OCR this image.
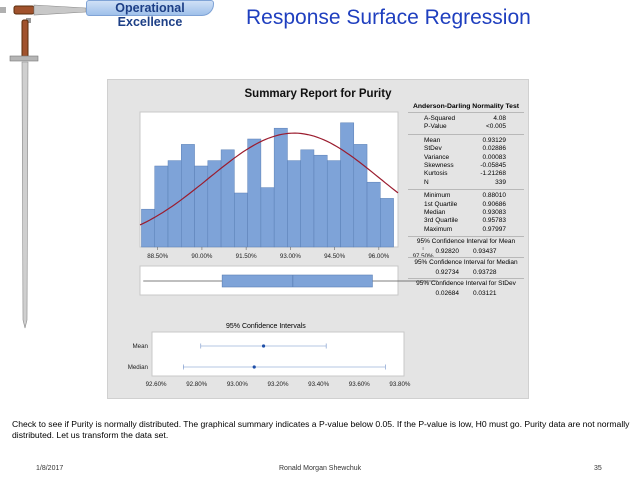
Operational Excellence	Response Surface Regression
Summary Report for Purity
88.50%	90.00%	91.50%	93.00%	94.50%	96.00%	97.50%
95% Confidence Intervals
Mean
Median
92.60%	92.80%	93.00%	93.20%	93.40%	93.60%	93.80%
Anderson-Darling Normality Test
A-Squared	4.08
P-Value	<0.005
Mean	0.93129
StDev	0.02886
Variance	0.00083
Skewness	-0.05845
Kurtosis	-1.21268
N	339
Minimum	0.88010
1st Quartile	0.90686
Median	0.93083
3rd Quartile	0.95783
Maximum	0.97997
95% Confidence Interval for Mean
0.92820 0.93437
95% Confidence Interval for Median
0.92734 0.93728
95% Confidence Interval for StDev
0.02684 0.03121
Check to see if Purity is normally distributed. The graphical summary indicates a P-value below 0.05. If the P-value is low, H0 must go. Purity data are not normally distributed. Let us transform the data set.
1/8/2017	Ronald Morgan Shewchuk	35
